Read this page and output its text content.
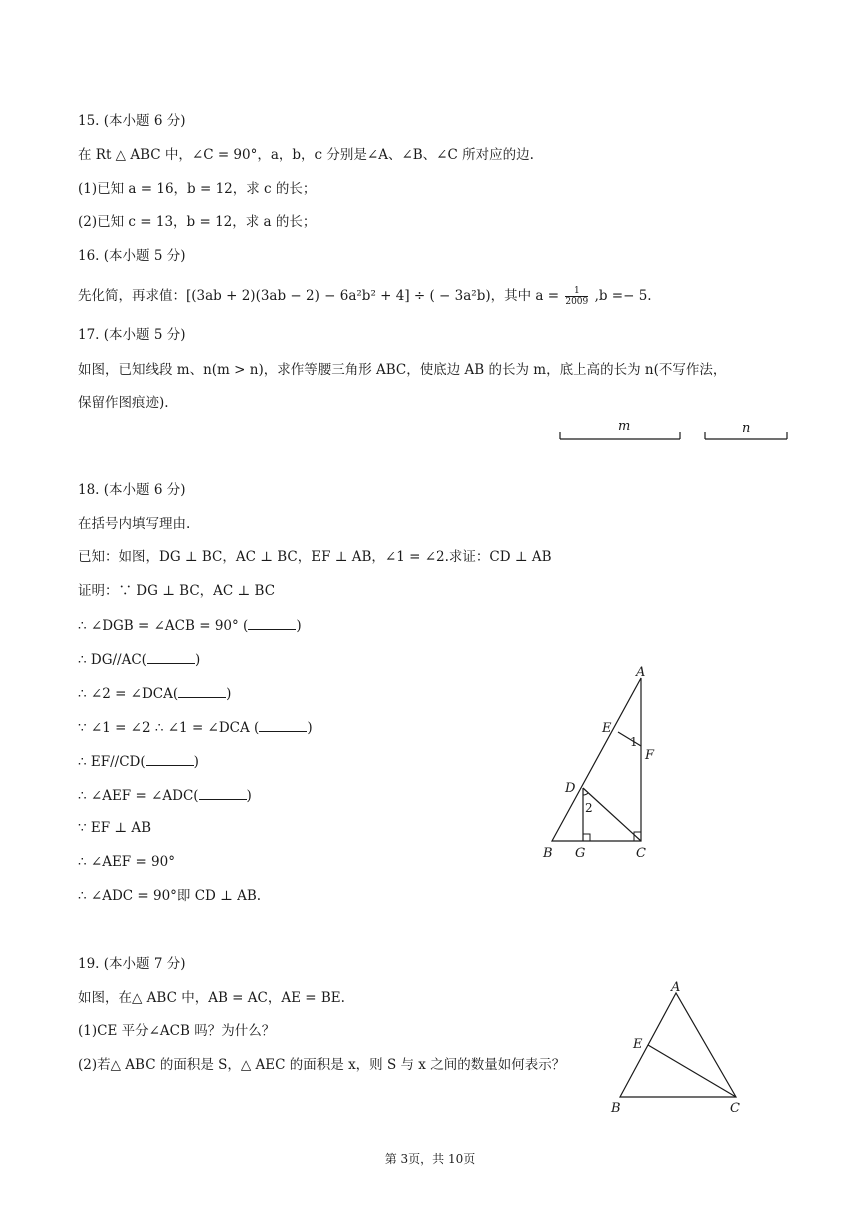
15. (本小题 6 分)
在 Rt △ ABC 中，∠C = 90°，a，b，c 分别是∠A、∠B、∠C 所对应的边.
(1)已知 a = 16，b = 12，求 c 的长；
(2)已知 c = 13，b = 12，求 a 的长；
16. (本小题 5 分)
先化简，再求值：[(3ab + 2)(3ab − 2) − 6a²b² + 4] ÷ ( − 3a²b)，其中 $a = \frac{1}{2009} ,b =- 5$.
17. (本小题 5 分)
如图，已知线段 m、n(m > n)，求作等腰三角形 ABC，使底边 AB 的长为 m，底上高的长为 n(不写作法，
保留作图痕迹).
m	n
18. (本小题 6 分)
在括号内填写理由.
已知：如图，DG ⊥ BC，AC ⊥ BC，EF ⊥ AB，∠1 = ∠2.求证：CD ⊥ AB
证明：∵ DG ⊥ BC，AC ⊥ BC
∴ ∠DGB = ∠ACB = 90° (	)
∴ DG//AC(	)
∴ ∠2 = ∠DCA(	)
∵ ∠1 = ∠2 ∴ ∠1 = ∠DCA (	)
∴ EF//CD(	)
∴ ∠AEF = ∠ADC(	)
∵ EF ⊥ AB
∴ ∠AEF = 90°
∴ ∠ADC = 90°即 CD ⊥ AB.
A
E
1
F
D
2
B G	C
19. (本小题 7 分)
如图，在△ ABC 中，AB = AC，AE = BE.
(1)CE 平分∠ACB 吗？为什么？
(2)若△ ABC 的面积是 S，△ AEC 的面积是 x，则 S 与 x 之间的数量如何表示？
A
E
B	C
第 3页，共 10页
